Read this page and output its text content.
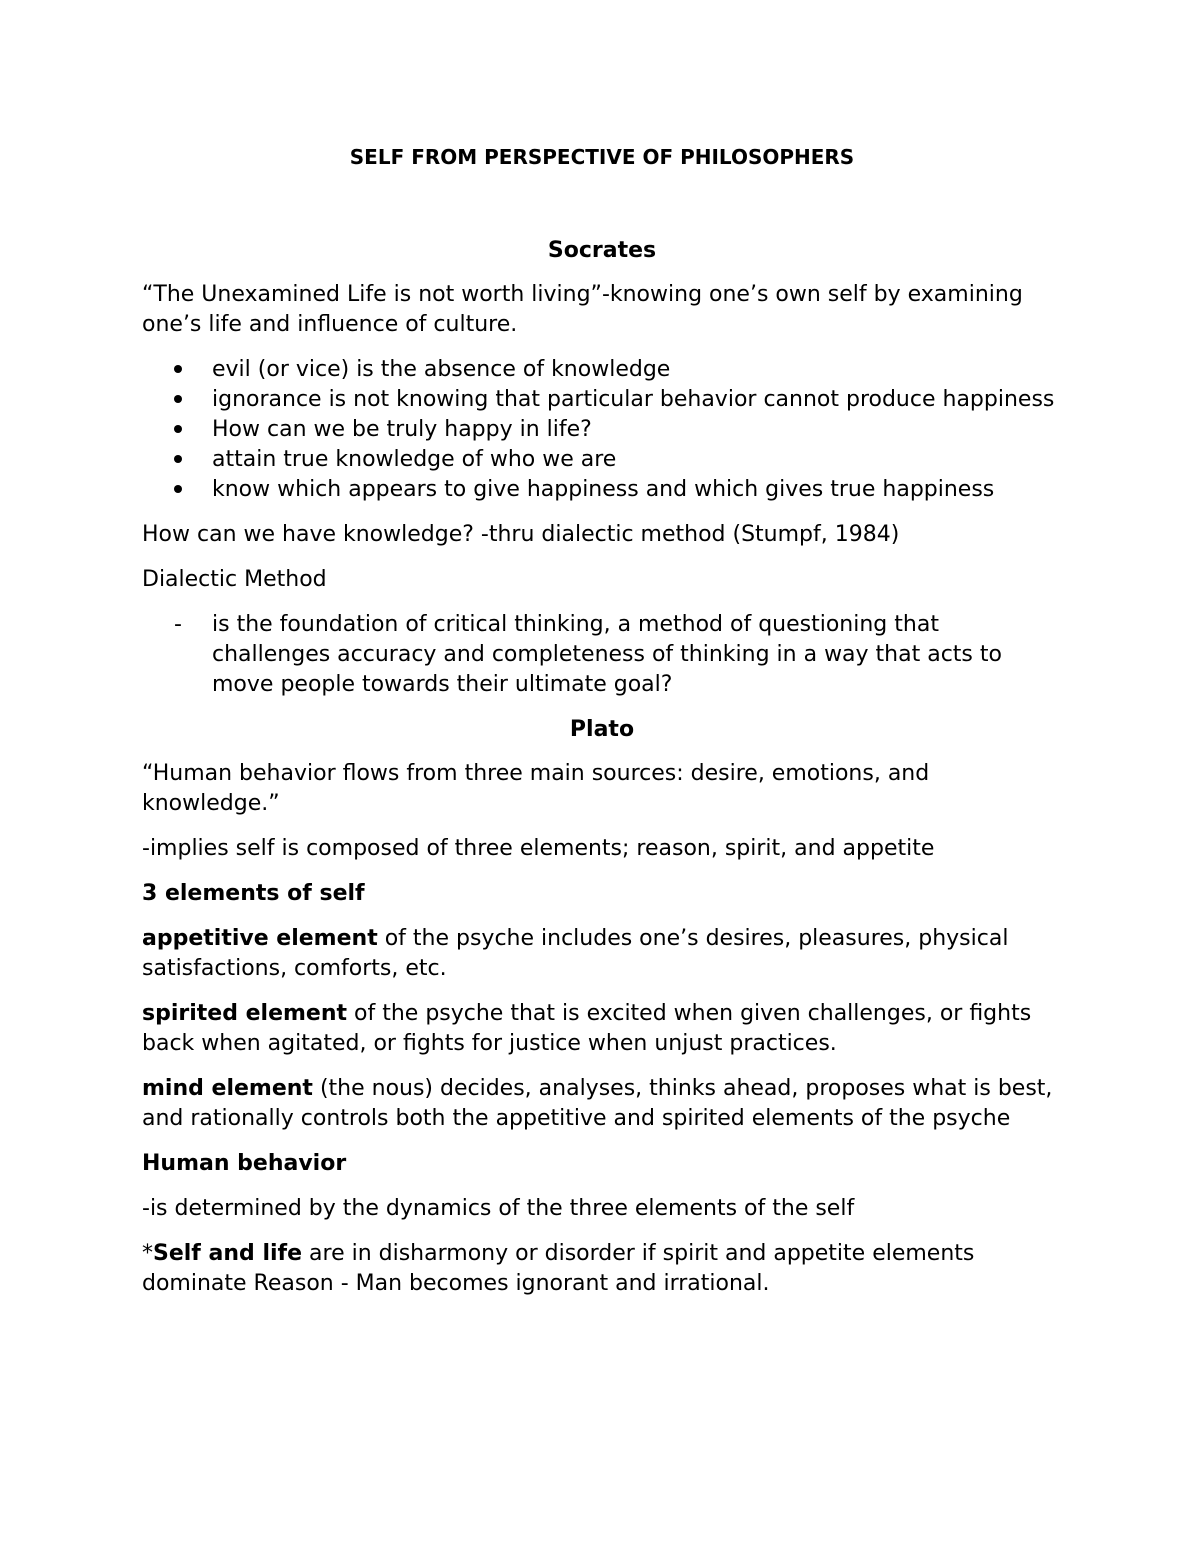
SELF FROM PERSPECTIVE OF PHILOSOPHERS
Socrates

“The Unexamined Life is not worth living”-knowing one’s own self by examining one’s life and influence of culture.

evil (or vice) is the absence of knowledge
ignorance is not knowing that particular behavior cannot produce happiness
How can we be truly happy in life?
attain true knowledge of who we are
know which appears to give happiness and which gives true happiness

How can we have knowledge? -thru dialectic method (Stumpf, 1984)

Dialectic Method

- is the foundation of critical thinking, a method of questioning that challenges accuracy and completeness of thinking in a way that acts to move people towards their ultimate goal?
Plato

“Human behavior flows from three main sources: desire, emotions, and knowledge.”

-implies self is composed of three elements; reason, spirit, and appetite

3 elements of self

appetitive element of the psyche includes one’s desires, pleasures, physical satisfactions, comforts, etc.

spirited element of the psyche that is excited when given challenges, or fights back when agitated, or fights for justice when unjust practices.

mind element (the nous) decides, analyses, thinks ahead, proposes what is best, and rationally controls both the appetitive and spirited elements of the psyche

Human behavior

-is determined by the dynamics of the three elements of the self

*Self and life are in disharmony or disorder if spirit and appetite elements dominate Reason - Man becomes ignorant and irrational.
